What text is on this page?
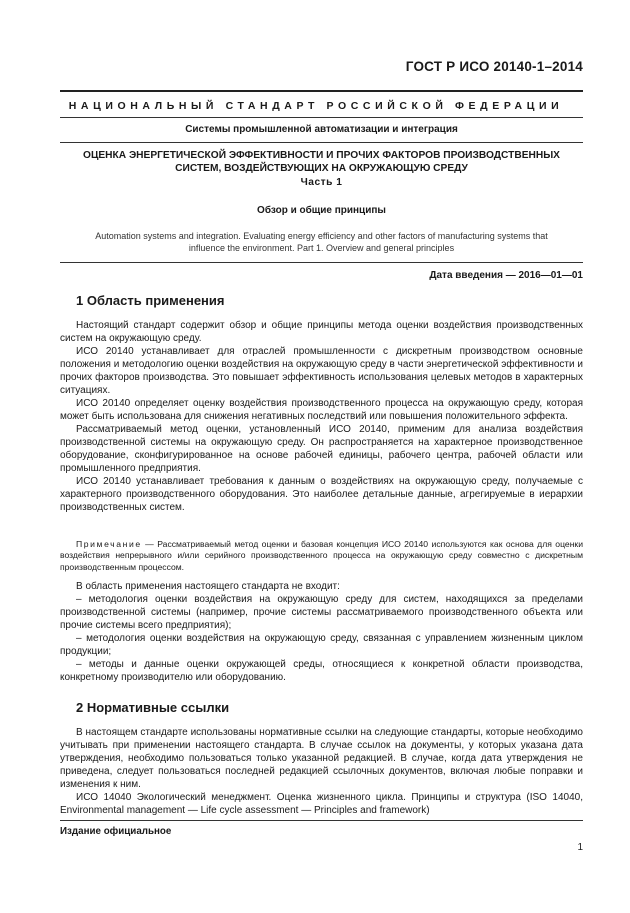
ГОСТ Р ИСО 20140-1–2014
НАЦИОНАЛЬНЫЙ СТАНДАРТ РОССИЙСКОЙ ФЕДЕРАЦИИ
Системы промышленной автоматизации и интеграция
ОЦЕНКА ЭНЕРГЕТИЧЕСКОЙ ЭФФЕКТИВНОСТИ И ПРОЧИХ ФАКТОРОВ ПРОИЗВОДСТВЕННЫХ
СИСТЕМ, ВОЗДЕЙСТВУЮЩИХ НА ОКРУЖАЮЩУЮ СРЕДУ
Часть 1
Обзор и общие принципы
Automation systems and integration. Evaluating energy efficiency and other factors of manufacturing systems that
influence the environment. Part 1. Overview and general principles
Дата введения — 2016—01—01
1 Область применения

Настоящий стандарт содержит обзор и общие принципы метода оценки воздействия производственных систем на окружающую среду.

ИСО 20140 устанавливает для отраслей промышленности с дискретным производством основные положения и методологию оценки воздействия на окружающую среду в части энергетической эффективности и прочих факторов производства. Это повышает эффективность использования целевых методов в характерных ситуациях.

ИСО 20140 определяет оценку воздействия производственного процесса на окружающую среду, которая может быть использована для снижения негативных последствий или повышения положительного эффекта.

Рассматриваемый метод оценки, установленный ИСО 20140, применим для анализа воздействия производственной системы на окружающую среду. Он распространяется на характерное производственное оборудование, сконфигурированное на основе рабочей единицы, рабочего центра, рабочей области или промышленного предприятия.

ИСО 20140 устанавливает требования к данным о воздействиях на окружающую среду, получаемые с характерного производственного оборудования. Это наиболее детальные данные, агрегируемые в иерархии производственных систем.

Примечание — Рассматриваемый метод оценки и базовая концепция ИСО 20140 используются как основа для оценки воздействия непрерывного и/или серийного производственного процесса на окружающую среду совместно с дискретным производственным процессом.

В область применения настоящего стандарта не входит:

– методология оценки воздействия на окружающую среду для систем, находящихся за пределами производственной системы (например, прочие системы рассматриваемого производственного объекта или прочие системы всего предприятия);

– методология оценки воздействия на окружающую среду, связанная с управлением жизненным циклом продукции;

– методы и данные оценки окружающей среды, относящиеся к конкретной области производства, конкретному производителю или оборудованию.

2 Нормативные ссылки

В настоящем стандарте использованы нормативные ссылки на следующие стандарты, которые необходимо учитывать при применении настоящего стандарта. В случае ссылок на документы, у которых указана дата утверждения, необходимо пользоваться только указанной редакцией. В случае, когда дата утверждения не приведена, следует пользоваться последней редакцией ссылочных документов, включая любые поправки и изменения к ним.

ИСО 14040 Экологический менеджмент. Оценка жизненного цикла. Принципы и структура (ISO 14040, Environmental management — Life cycle assessment — Principles and framework)

Издание официальное
1
